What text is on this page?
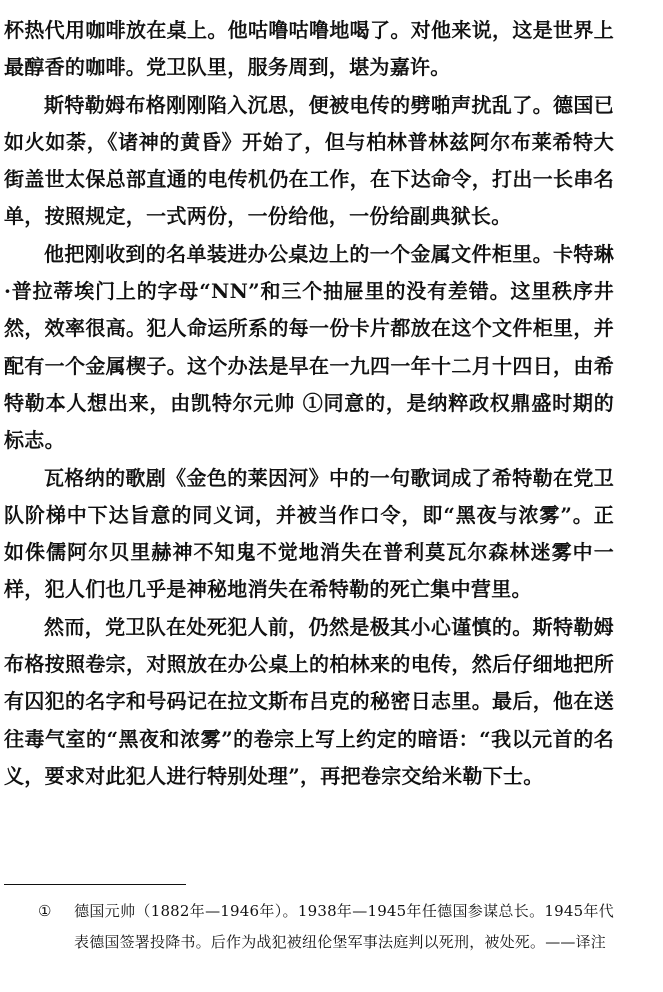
杯热代用咖啡放在桌上。他咕噜咕噜地喝了。对他来说，这是世界上最醇香的咖啡。党卫队里，服务周到，堪为嘉许。

斯特勒姆布格刚刚陷入沉思，便被电传的劈啪声扰乱了。德国已如火如荼，《诸神的黄昏》开始了，但与柏林普林兹阿尔布莱希特大街盖世太保总部直通的电传机仍在工作，在下达命令，打出一长串名单，按照规定，一式两份，一份给他，一份给副典狱长。

他把刚收到的名单装进办公桌边上的一个金属文件柜里。卡特琳·普拉蒂埃门上的字母“NN”和三个抽屉里的没有差错。这里秩序井然，效率很高。犯人命运所系的每一份卡片都放在这个文件柜里，并配有一个金属楔子。这个办法是早在一九四一年十二月十四日，由希特勒本人想出来，由凯特尔元帅 ①同意的，是纳粹政权鼎盛时期的标志。

瓦格纳的歌剧《金色的莱因河》中的一句歌词成了希特勒在党卫队阶梯中下达旨意的同义词，并被当作口令，即“黑夜与浓雾”。正如侏儒阿尔贝里赫神不知鬼不觉地消失在普利莫瓦尔森林迷雾中一样，犯人们也几乎是神秘地消失在希特勒的死亡集中营里。

然而，党卫队在处死犯人前，仍然是极其小心谨慎的。斯特勒姆布格按照卷宗，对照放在办公桌上的柏林来的电传，然后仔细地把所有囚犯的名字和号码记在拉文斯布吕克的秘密日志里。最后，他在送往毒气室的“黑夜和浓雾”的卷宗上写上约定的暗语：“我以元首的名义，要求对此犯人进行特别处理”，再把卷宗交给米勒下士。

① 德国元帅（1882年—1946年）。1938年—1945年任德国参谋总长。1945年代表德国签署投降书。后作为战犯被纽伦堡军事法庭判以死刑，被处死。——译注
